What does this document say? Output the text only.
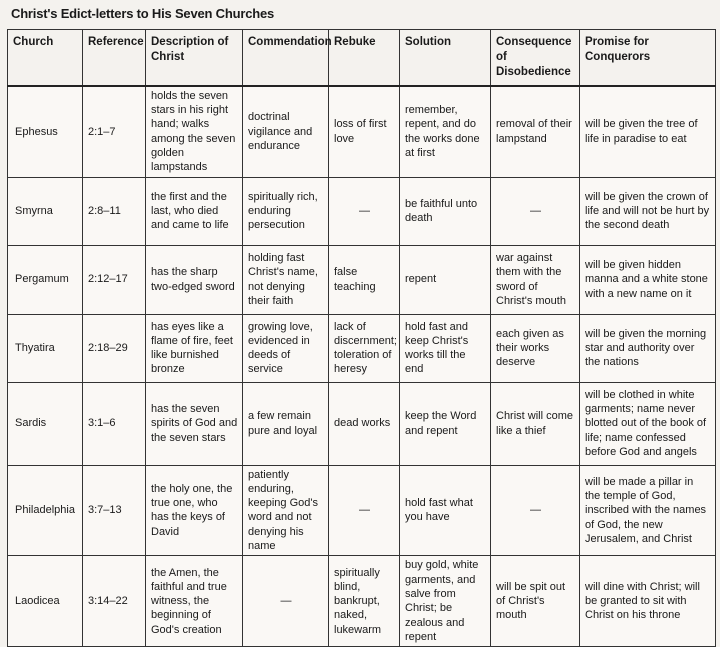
Christ's Edict-letters to His Seven Churches
Church	Reference	Description of Christ	Commendation	Rebuke	Solution	Consequence of Disobedience	Promise for Conquerors
Ephesus	2:1–7	holds the seven stars in his right hand; walks among the seven golden lampstands	doctrinal vigilance and endurance	loss of first love	remember, repent, and do the works done at first	removal of their lampstand	will be given the tree of life in paradise to eat
Smyrna	2:8–11	the first and the last, who died and came to life	spiritually rich, enduring persecution	—	be faithful unto death	—	will be given the crown of life and will not be hurt by the second death
Pergamum	2:12–17	has the sharp two-edged sword	holding fast Christ's name, not denying their faith	false teaching	repent	war against them with the sword of Christ's mouth	will be given hidden manna and a white stone with a new name on it
Thyatira	2:18–29	has eyes like a flame of fire, feet like burnished bronze	growing love, evidenced in deeds of service	lack of discernment; toleration of heresy	hold fast and keep Christ's works till the end	each given as their works deserve	will be given the morning star and authority over the nations
Sardis	3:1–6	has the seven spirits of God and the seven stars	a few remain pure and loyal	dead works	keep the Word and repent	Christ will come like a thief	will be clothed in white garments; name never blotted out of the book of life; name confessed before God and angels
Philadelphia	3:7–13	the holy one, the true one, who has the keys of David	patiently enduring, keeping God's word and not denying his name	—	hold fast what you have	—	will be made a pillar in the temple of God, inscribed with the names of God, the new Jerusalem, and Christ
Laodicea	3:14–22	the Amen, the faithful and true witness, the beginning of God's creation	—	spiritually blind, bankrupt, naked, lukewarm	buy gold, white garments, and salve from Christ; be zealous and repent	will be spit out of Christ's mouth	will dine with Christ; will be granted to sit with Christ on his throne
